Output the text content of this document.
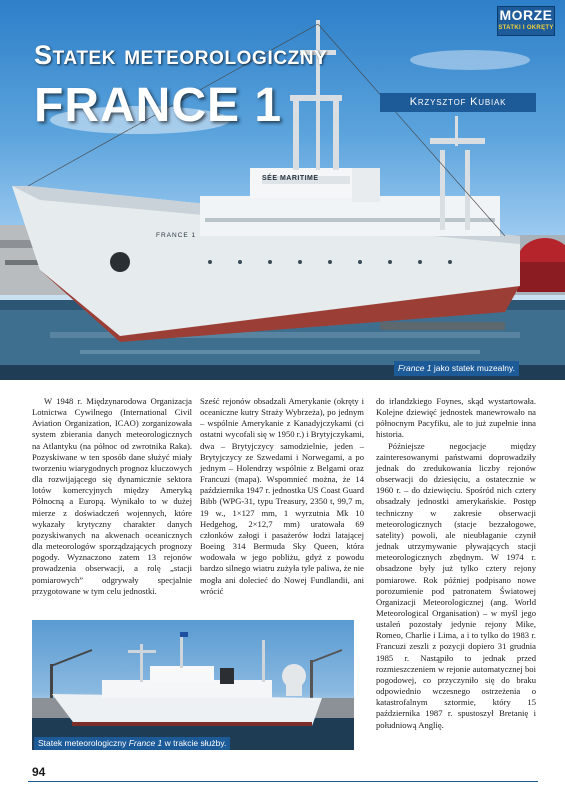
MORZE
STATKI I OKRĘTY
Statek meteorologiczny
FRANCE 1	Krzysztof Kubiak
FRANCE 1
SÉE MARITIME
France 1 jako statek muzealny.

W 1948 r. Międzynarodowa Organizacja Lotnictwa Cywilnego (International Civil Aviation Organization, ICAO) zorganizowała system zbierania danych meteorologicznych na Atlantyku (na północ od zwrotnika Raka). Pozyskiwane w ten sposób dane służyć miały tworzeniu wiarygodnych prognoz kluczowych dla rozwijającego się dynamicznie sektora lotów komercyjnych między Ameryką Północną a Europą. Wynikało to w dużej mierze z doświadczeń wojennych, które wykazały krytyczny charakter danych pozyskiwanych na akwenach oceanicznych dla meteorologów sporządzających prognozy pogody. Wyznaczono zatem 13 rejonów prowadzenia obserwacji, a rolę „stacji pomiarowych” odgrywały specjalnie przygotowane w tym celu jednostki.

Sześć rejonów obsadzali Amerykanie (okręty i oceaniczne kutry Straży Wybrzeża), po jednym – wspólnie Amerykanie z Kanadyjczykami (ci ostatni wycofali się w 1950 r.) i Brytyjczykami, dwa – Brytyjczycy samodzielnie, jeden – Brytyjczycy ze Szwedami i Norwegami, a po jednym – Holendrzy wspólnie z Belgami oraz Francuzi (mapa). Wspomnieć można, że 14 października 1947 r. jednostka US Coast Guard Bibb (WPG-31, typu Treasury, 2350 t, 99,7 m, 19 w., 1×127 mm, 1 wyrzutnia Mk 10 Hedgehog, 2×12,7 mm) uratowała 69 członków załogi i pasażerów łodzi latającej Boeing 314 Bermuda Sky Queen, która wodowała w jego pobliżu, gdyż z powodu bardzo silnego wiatru zużyła tyle paliwa, że nie mogła ani dolecieć do Nowej Fundlandii, ani wrócić

do irlandzkiego Foynes, skąd wystartowała. Kolejne dziewięć jednostek manewrowało na północnym Pacyfiku, ale to już zupełnie inna historia.

Późniejsze negocjacje między zainteresowanymi państwami doprowadziły jednak do zredukowania liczby rejonów obserwacji do dziesięciu, a ostatecznie w 1960 r. – do dziewięciu. Spośród nich cztery obsadzały jednostki amerykańskie. Postęp techniczny w zakresie obserwacji meteorologicznych (stacje bezzałogowe, satelity) powoli, ale nieubłaganie czynił jednak utrzymywanie pływających stacji meteorologicznych zbędnym. W 1974 r. obsadzone były już tylko cztery rejony pomiarowe. Rok później podpisano nowe porozumienie pod patronatem Światowej Organizacji Meteorologicznej (ang. World Meteorological Organisation) – w myśl jego ustaleń pozostały jedynie rejony Mike, Romeo, Charlie i Lima, a i to tylko do 1983 r. Francuzi zeszli z pozycji dopiero 31 grudnia 1985 r. Nastąpiło to jednak przed rozmieszczeniem w rejonie automatycznej boi pogodowej, co przyczyniło się do braku odpowiednio wczesnego ostrzeżenia o katastrofalnym sztormie, który 15 października 1987 r. spustoszył Bretanię i południową Anglię.

Statek meteorologiczny France 1 w trakcie służby.
94
